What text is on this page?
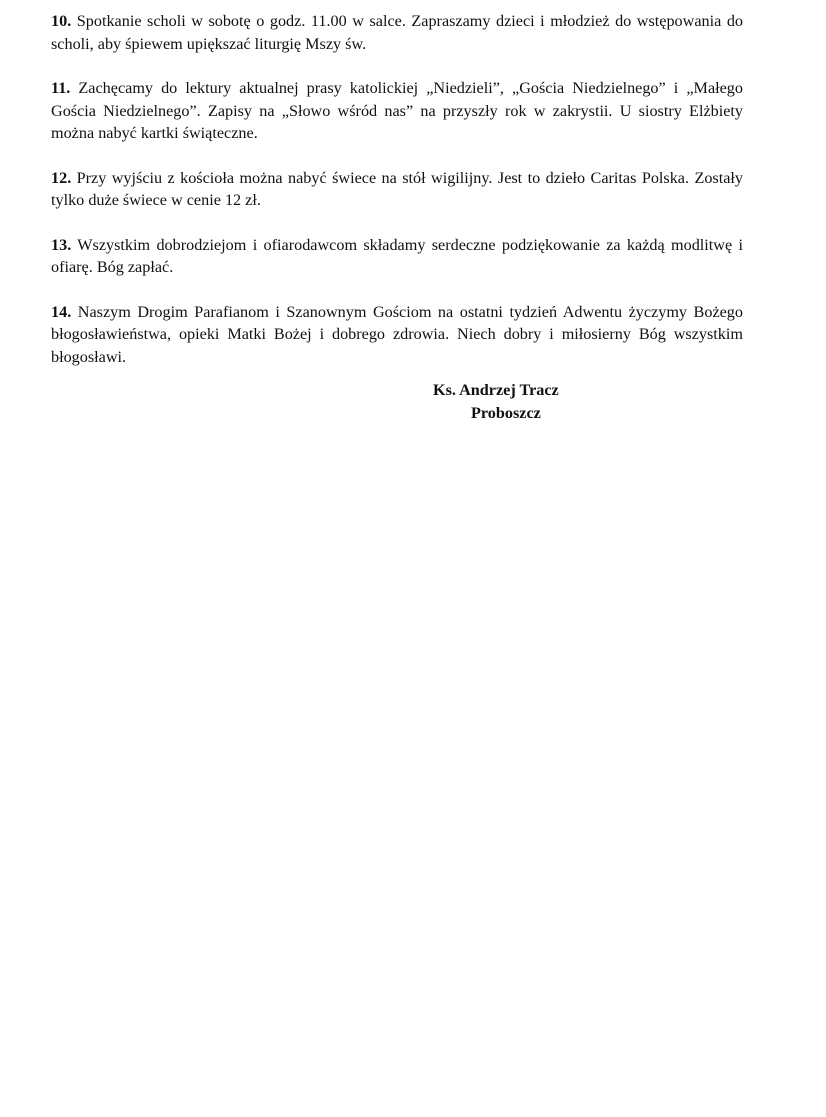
10. Spotkanie scholi w sobotę o godz. 11.00 w salce. Zapraszamy dzieci i młodzież do wstępowania do scholi, aby śpiewem upiększać liturgię Mszy św.

11. Zachęcamy do lektury aktualnej prasy katolickiej „Niedzieli”, „Gościa Niedzielnego” i „Małego Gościa Niedzielnego”. Zapisy na „Słowo wśród nas” na przyszły rok w zakrystii. U siostry Elżbiety można nabyć kartki świąteczne.

12. Przy wyjściu z kościoła można nabyć świece na stół wigilijny. Jest to dzieło Caritas Polska. Zostały tylko duże świece w cenie 12 zł.

13. Wszystkim dobrodziejom i ofiarodawcom składamy serdeczne podziękowanie za każdą modlitwę i ofiarę. Bóg zapłać.

14. Naszym Drogim Parafianom i Szanownym Gościom na ostatni tydzień Adwentu życzymy Bożego błogosławieństwa, opieki Matki Bożej i dobrego zdrowia. Niech dobry i miłosierny Bóg wszystkim błogosławi.

Ks. Andrzej Tracz
Proboszcz
